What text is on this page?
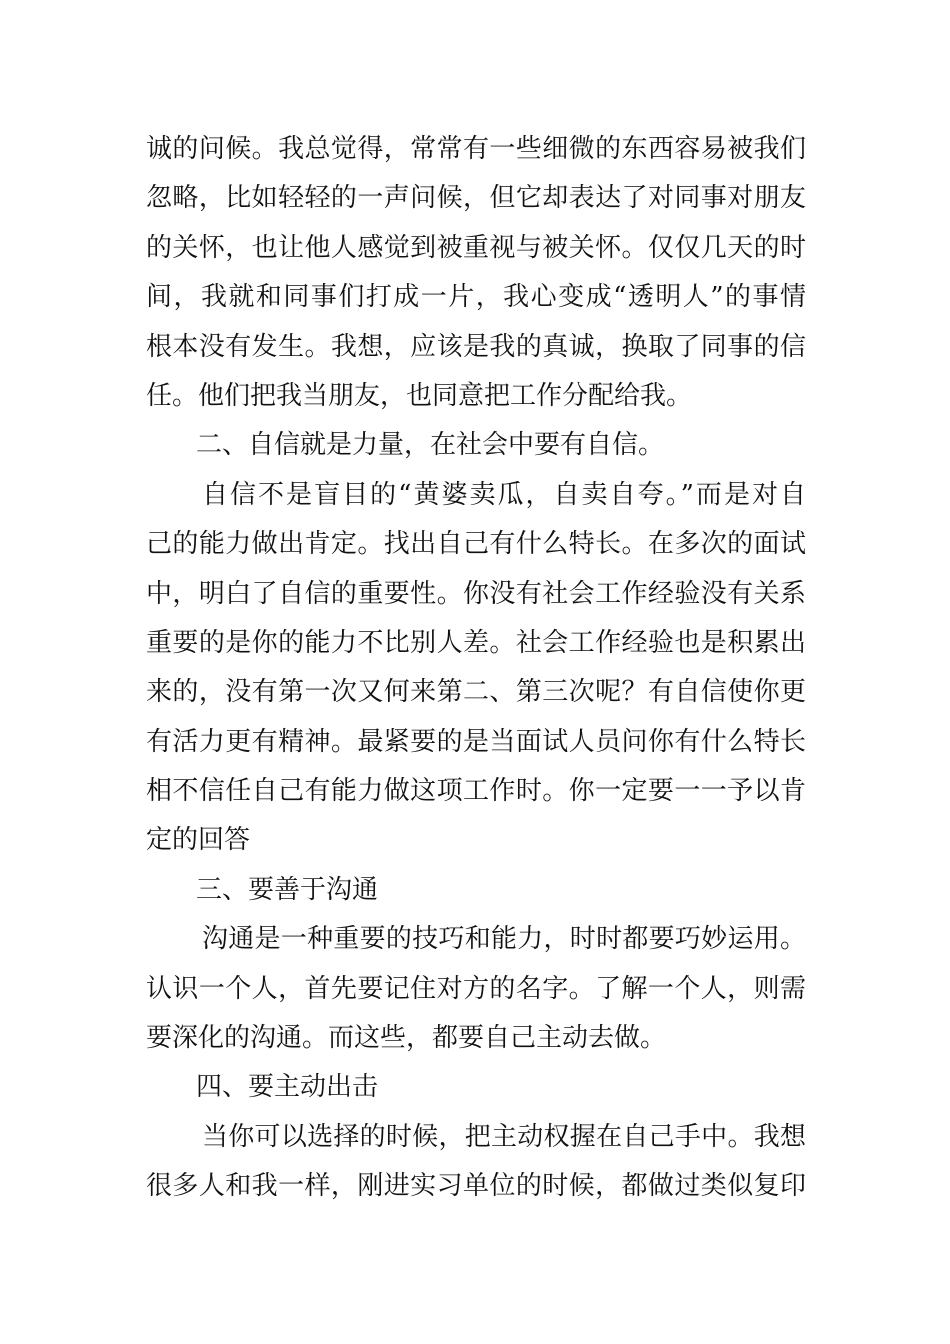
诚的问候。我总觉得，常常有一些细微的东西容易被我们
忽略，比如轻轻的一声问候，但它却表达了对同事对朋友
的关怀，也让他人感觉到被重视与被关怀。仅仅几天的时
间，我就和同事们打成一片，我心变成“透明人”的事情
根本没有发生。我想，应该是我的真诚，换取了同事的信
任。他们把我当朋友，也同意把工作分配给我。
二、自信就是力量，在社会中要有自信。
自信不是盲目的“黄婆卖瓜，自卖自夸。”而是对自
己的能力做出肯定。找出自己有什么特长。在多次的面试
中，明白了自信的重要性。你没有社会工作经验没有关系
重要的是你的能力不比别人差。社会工作经验也是积累出
来的，没有第一次又何来第二、第三次呢？有自信使你更
有活力更有精神。最紧要的是当面试人员问你有什么特长
相不信任自己有能力做这项工作时。你一定要一一予以肯
定的回答
三、要善于沟通
沟通是一种重要的技巧和能力，时时都要巧妙运用。
认识一个人，首先要记住对方的名字。了解一个人，则需
要深化的沟通。而这些，都要自己主动去做。
四、要主动出击
当你可以选择的时候，把主动权握在自己手中。我想
很多人和我一样，刚进实习单位的时候，都做过类似复印
